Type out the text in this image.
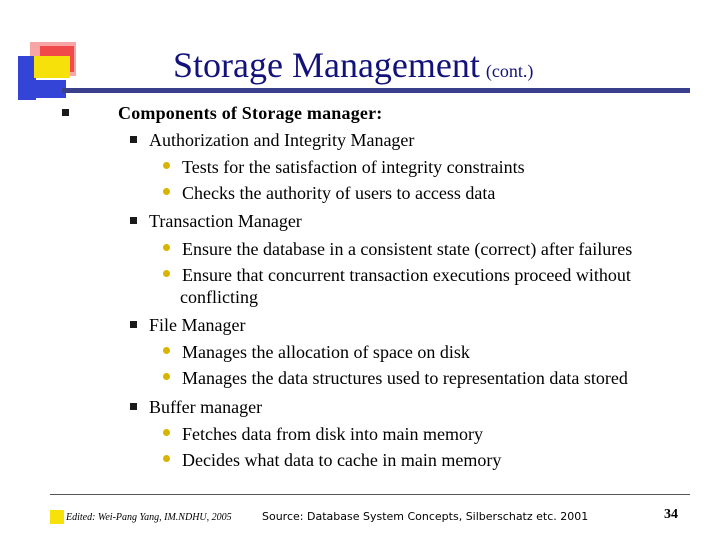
Storage Management (cont.)
Components of Storage manager:
Authorization and Integrity Manager
Tests for the satisfaction of integrity constraints
Checks the authority of users to access data
Transaction Manager
Ensure the database in a consistent state (correct) after failures
Ensure that concurrent transaction executions proceed without
conflicting
File Manager
Manages the allocation of space on disk
Manages the data structures used to representation data stored
Buffer manager
Fetches data from disk into main memory
Decides what data to cache in main memory
Edited: Wei-Pang Yang, IM.NDHU, 2005	Source: Database System Concepts, Silberschatz etc. 2001	34
